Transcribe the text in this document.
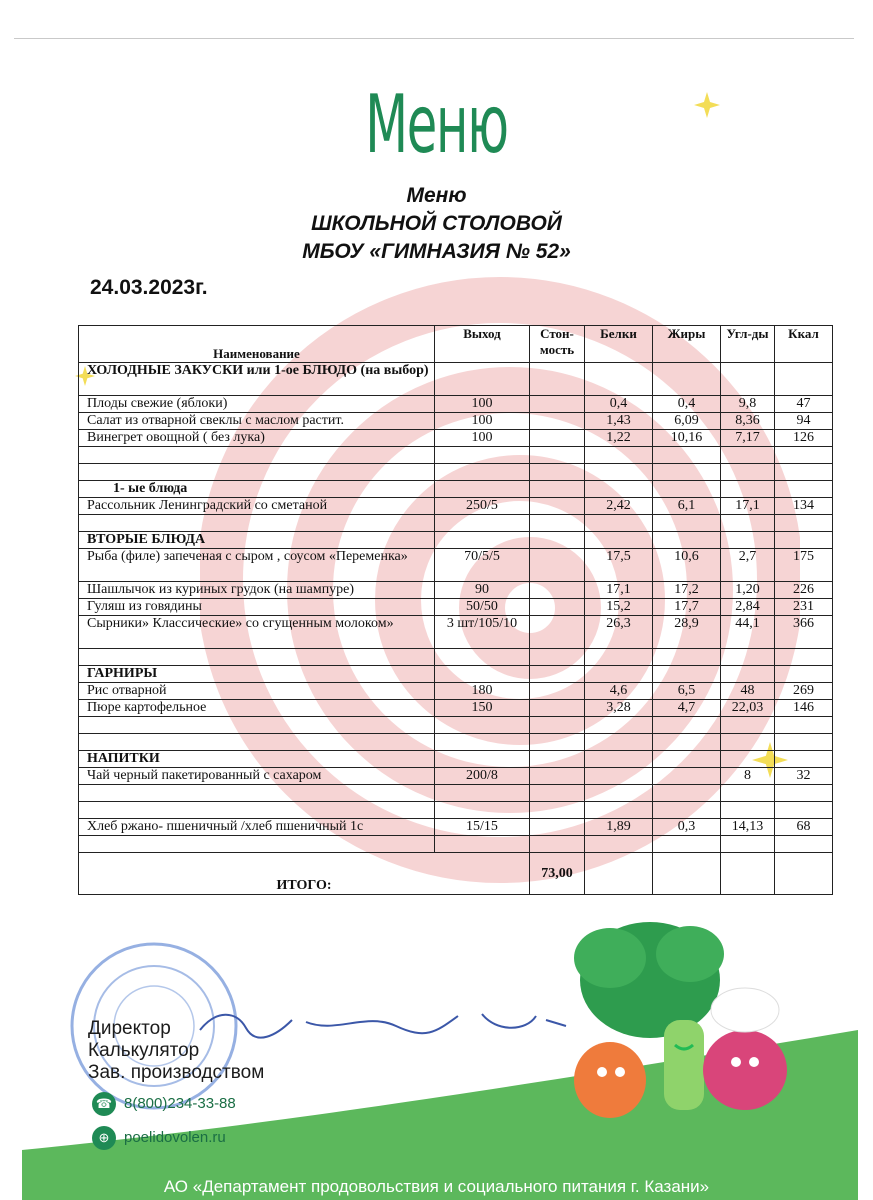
Меню
Меню
ШКОЛЬНОЙ СТОЛОВОЙ
МБОУ «ГИМНАЗИЯ № 52»
24.03.2023г.
Наименование	Выход	Стон-мость	Белки	Жиры	Угл-ды	Ккал
ХОЛОДНЫЕ ЗАКУСКИ или 1-ое БЛЮДО (на выбор)						
Плоды свежие (яблоки)	100		0,4	0,4	9,8	47
Салат из отварной свеклы с маслом растит.	100		1,43	6,09	8,36	94
Винегрет овощной ( без лука)	100		1,22	10,16	7,17	126

1- ые блюда						
Рассольник Ленинградский со сметаной	250/5		2,42	6,1	17,1	134

ВТОРЫЕ БЛЮДА						
Рыба (филе) запеченая с сыром , соусом «Переменка»	70/5/5		17,5	10,6	2,7	175
Шашлычок из куриных грудок (на шампуре)	90		17,1	17,2	1,20	226
Гуляш из говядины	50/50		15,2	17,7	2,84	231
Сырники» Классические» со сгущенным молоком»	3 шт/105/10		26,3	28,9	44,1	366

ГАРНИРЫ						
Рис отварной	180		4,6	6,5	48	269
Пюре картофельное	150		3,28	4,7	22,03	146

НАПИТКИ						
Чай черный пакетированный с сахаром	200/8				8	32

Хлеб ржано- пшеничный /хлеб пшеничный 1с	15/15		1,89	0,3	14,13	68

ИТОГО:		73,00				
Директор
Калькулятор
Зав. производством
☎ 8(800)234-33-88
⊕ poelidovolen.ru
АО «Департамент продовольствия и социального питания г. Казани»
